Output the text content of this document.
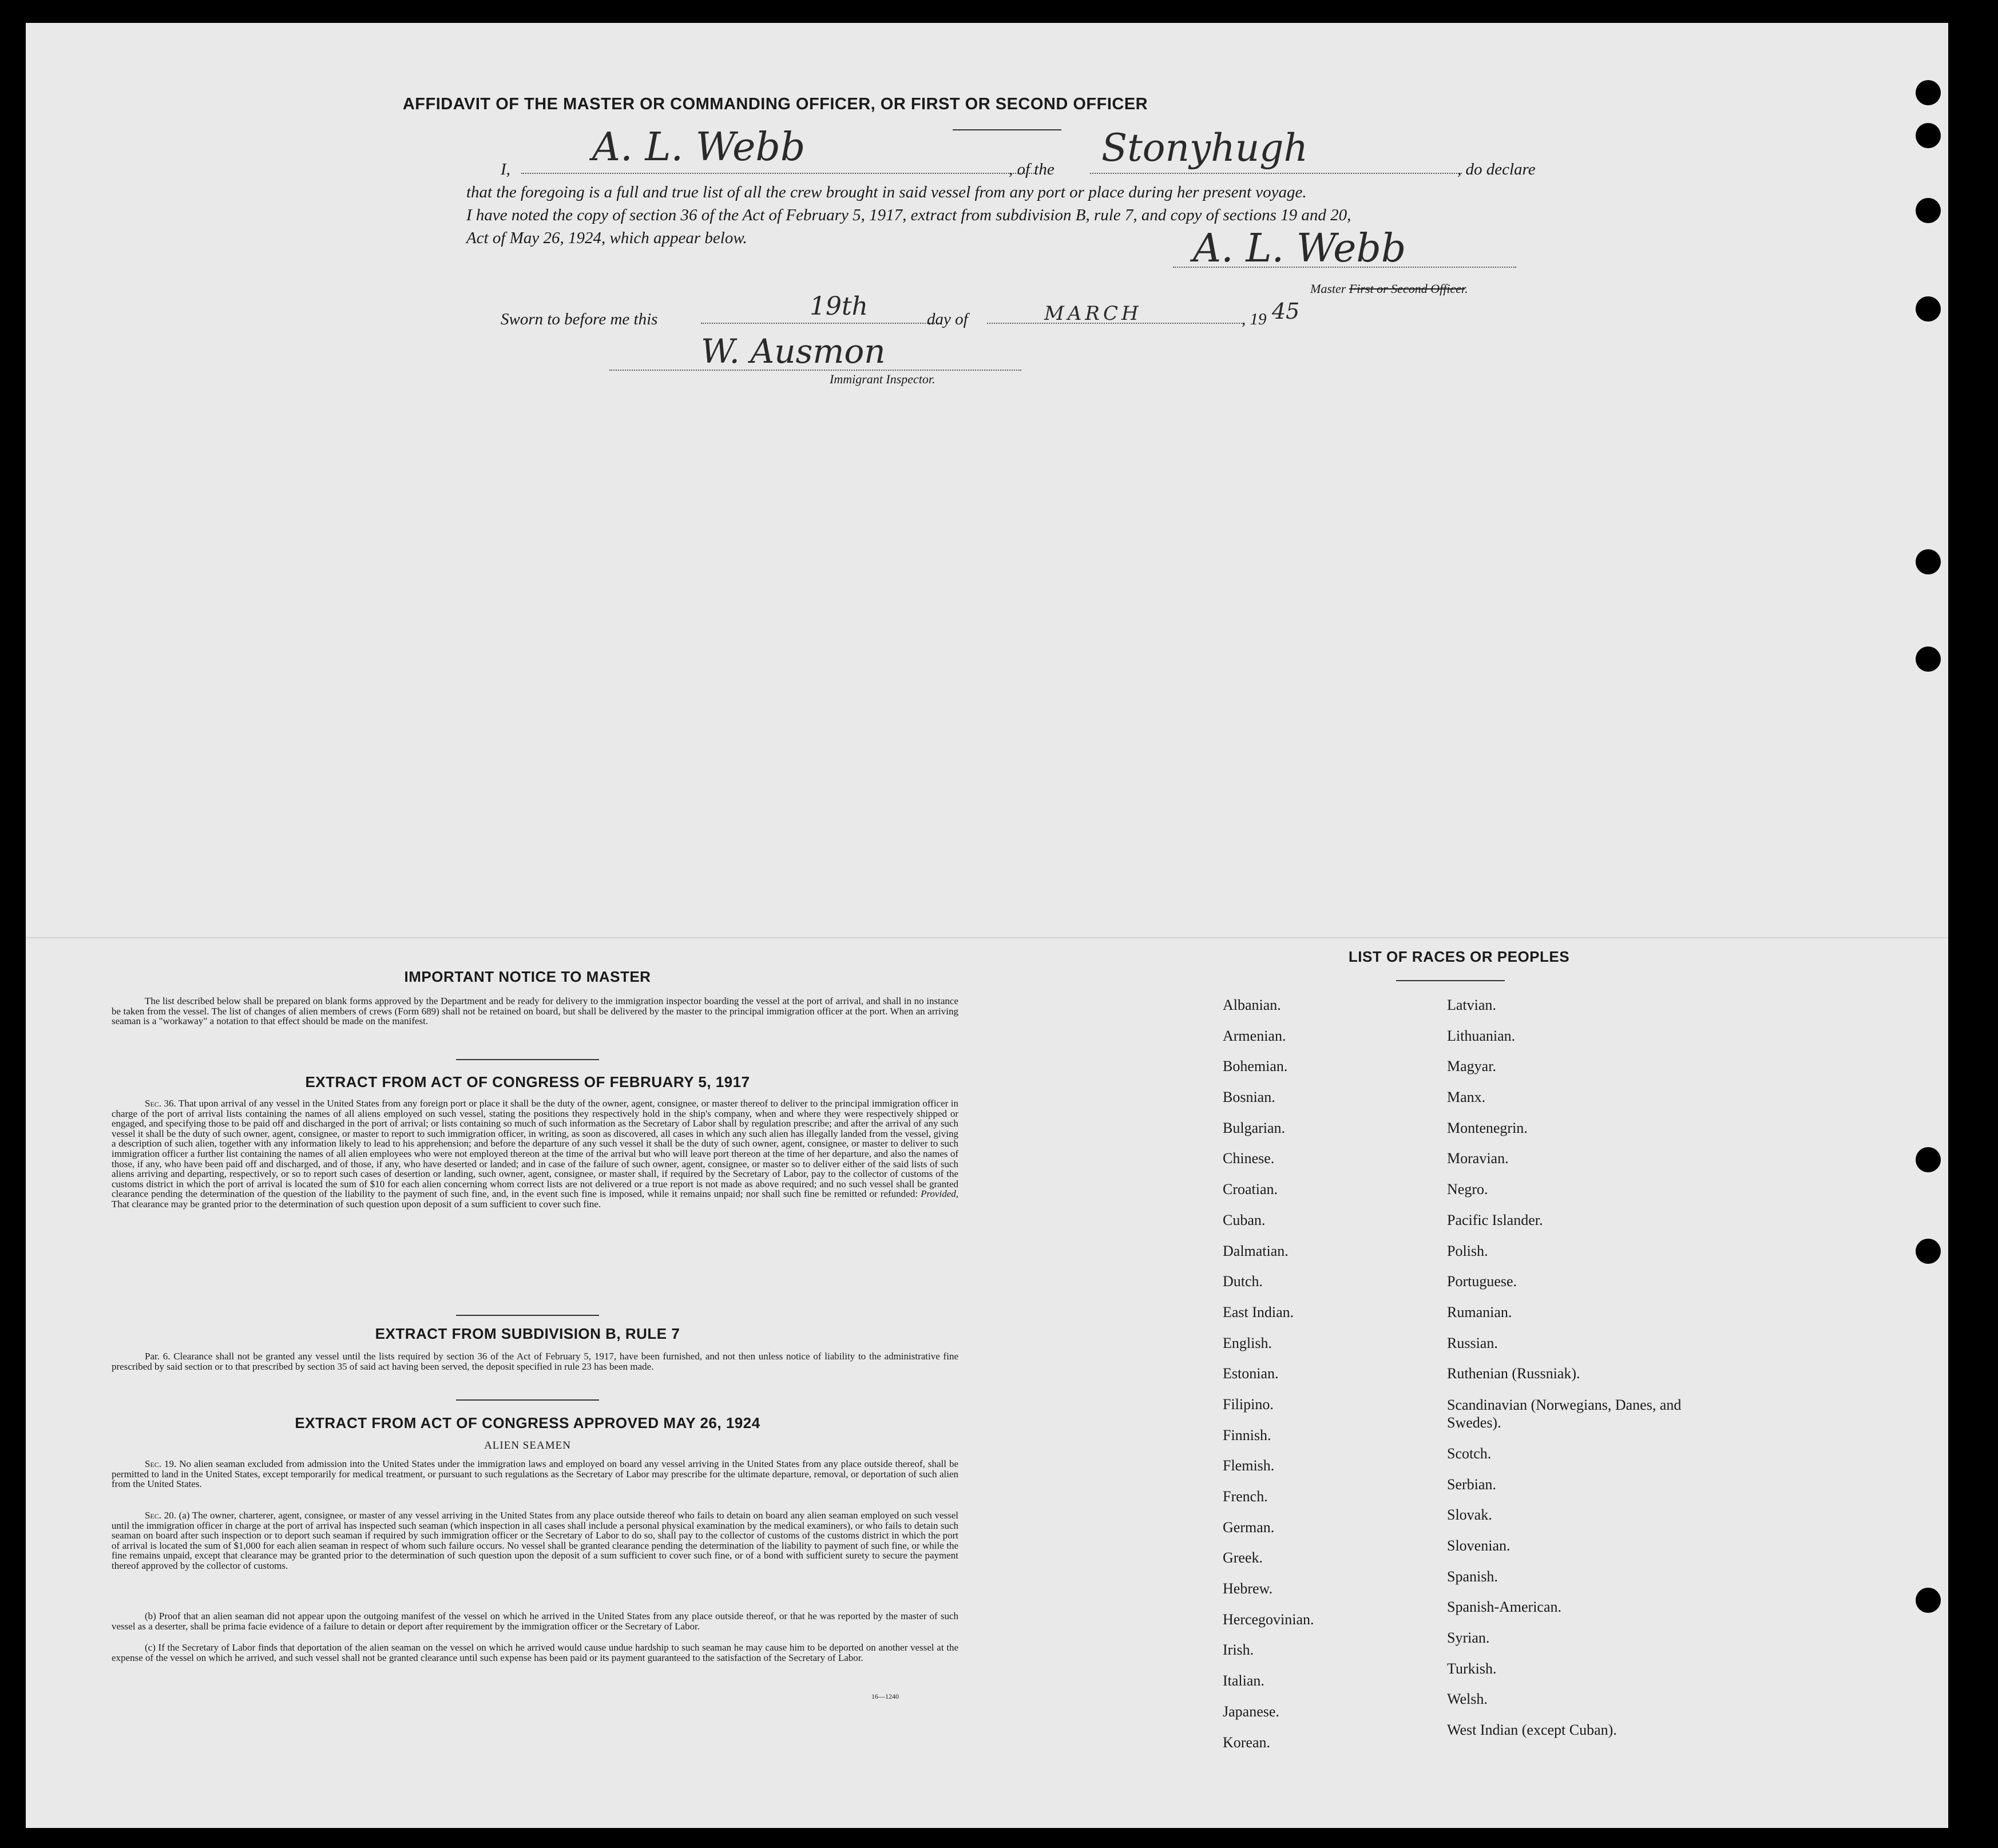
AFFIDAVIT OF THE MASTER OR COMMANDING OFFICER, OR FIRST OR SECOND OFFICER
I, A. L. Webb	, of the Stonyhugh	, do declare
that the foregoing is a full and true list of all the crew brought in said vessel from any port or place during her present voyage.
I have noted the copy of section 36 of the Act of February 5, 1917, extract from subdivision B, rule 7, and copy of sections 19 and 20,
Act of May 26, 1924, which appear below.	A. L. Webb
Master First or Second Officer.
Sworn to before me this	19th	day of	MARCH	, 19 45
W. Ausmon
Immigrant Inspector.
IMPORTANT NOTICE TO MASTER

The list described below shall be prepared on blank forms approved by the Department and be ready for delivery to the immigration inspector boarding the vessel at the port of arrival, and shall in no instance be taken from the vessel. The list of changes of alien members of crews (Form 689) shall not be retained on board, but shall be delivered by the master to the principal immigration officer at the port. When an arriving seaman is a "workaway" a notation to that effect should be made on the manifest.

EXTRACT FROM ACT OF CONGRESS OF FEBRUARY 5, 1917

Sec. 36. That upon arrival of any vessel in the United States from any foreign port or place it shall be the duty of the owner, agent, consignee, or master thereof to deliver to the principal immigration officer in charge of the port of arrival lists containing the names of all aliens employed on such vessel, stating the positions they respectively hold in the ship's company, when and where they were respectively shipped or engaged, and specifying those to be paid off and discharged in the port of arrival; or lists containing so much of such information as the Secretary of Labor shall by regulation prescribe; and after the arrival of any such vessel it shall be the duty of such owner, agent, consignee, or master to report to such immigration officer, in writing, as soon as discovered, all cases in which any such alien has illegally landed from the vessel, giving a description of such alien, together with any information likely to lead to his apprehension; and before the departure of any such vessel it shall be the duty of such owner, agent, consignee, or master to deliver to such immigration officer a further list containing the names of all alien employees who were not employed thereon at the time of the arrival but who will leave port thereon at the time of her departure, and also the names of those, if any, who have been paid off and discharged, and of those, if any, who have deserted or landed; and in case of the failure of such owner, agent, consignee, or master so to deliver either of the said lists of such aliens arriving and departing, respectively, or so to report such cases of desertion or landing, such owner, agent, consignee, or master shall, if required by the Secretary of Labor, pay to the collector of customs of the customs district in which the port of arrival is located the sum of $10 for each alien concerning whom correct lists are not delivered or a true report is not made as above required; and no such vessel shall be granted clearance pending the determination of the question of the liability to the payment of such fine, and, in the event such fine is imposed, while it remains unpaid; nor shall such fine be remitted or refunded: Provided, That clearance may be granted prior to the determination of such question upon deposit of a sum sufficient to cover such fine.

EXTRACT FROM SUBDIVISION B, RULE 7

Par. 6. Clearance shall not be granted any vessel until the lists required by section 36 of the Act of February 5, 1917, have been furnished, and not then unless notice of liability to the administrative fine prescribed by said section or to that prescribed by section 35 of said act having been served, the deposit specified in rule 23 has been made.

EXTRACT FROM ACT OF CONGRESS APPROVED MAY 26, 1924
ALIEN SEAMEN

Sec. 19. No alien seaman excluded from admission into the United States under the immigration laws and employed on board any vessel arriving in the United States from any place outside thereof, shall be permitted to land in the United States, except temporarily for medical treatment, or pursuant to such regulations as the Secretary of Labor may prescribe for the ultimate departure, removal, or deportation of such alien from the United States.

Sec. 20. (a) The owner, charterer, agent, consignee, or master of any vessel arriving in the United States from any place outside thereof who fails to detain on board any alien seaman employed on such vessel until the immigration officer in charge at the port of arrival has inspected such seaman (which inspection in all cases shall include a personal physical examination by the medical examiners), or who fails to detain such seaman on board after such inspection or to deport such seaman if required by such immigration officer or the Secretary of Labor to do so, shall pay to the collector of customs of the customs district in which the port of arrival is located the sum of $1,000 for each alien seaman in respect of whom such failure occurs. No vessel shall be granted clearance pending the determination of the liability to payment of such fine, or while the fine remains unpaid, except that clearance may be granted prior to the determination of such question upon the deposit of a sum sufficient to cover such fine, or of a bond with sufficient surety to secure the payment thereof approved by the collector of customs.

(b) Proof that an alien seaman did not appear upon the outgoing manifest of the vessel on which he arrived in the United States from any place outside thereof, or that he was reported by the master of such vessel as a deserter, shall be prima facie evidence of a failure to detain or deport after requirement by the immigration officer or the Secretary of Labor.

(c) If the Secretary of Labor finds that deportation of the alien seaman on the vessel on which he arrived would cause undue hardship to such seaman he may cause him to be deported on another vessel at the expense of the vessel on which he arrived, and such vessel shall not be granted clearance until such expense has been paid or its payment guaranteed to the satisfaction of the Secretary of Labor.

16—1240
LIST OF RACES OR PEOPLES
Albanian.
Armenian.
Bohemian.
Bosnian.
Bulgarian.
Chinese.
Croatian.
Cuban.
Dalmatian.
Dutch.
East Indian.
English.
Estonian.
Filipino.
Finnish.
Flemish.
French.
German.
Greek.
Hebrew.
Hercegovinian.
Irish.
Italian.
Japanese.
Korean.
Latvian.
Lithuanian.
Magyar.
Manx.
Montenegrin.
Moravian.
Negro.
Pacific Islander.
Polish.
Portuguese.
Rumanian.
Russian.
Ruthenian (Russniak).
Scandinavian (Norwegians, Danes, and Swedes).
Scotch.
Serbian.
Slovak.
Slovenian.
Spanish.
Spanish-American.
Syrian.
Turkish.
Welsh.
West Indian (except Cuban).
